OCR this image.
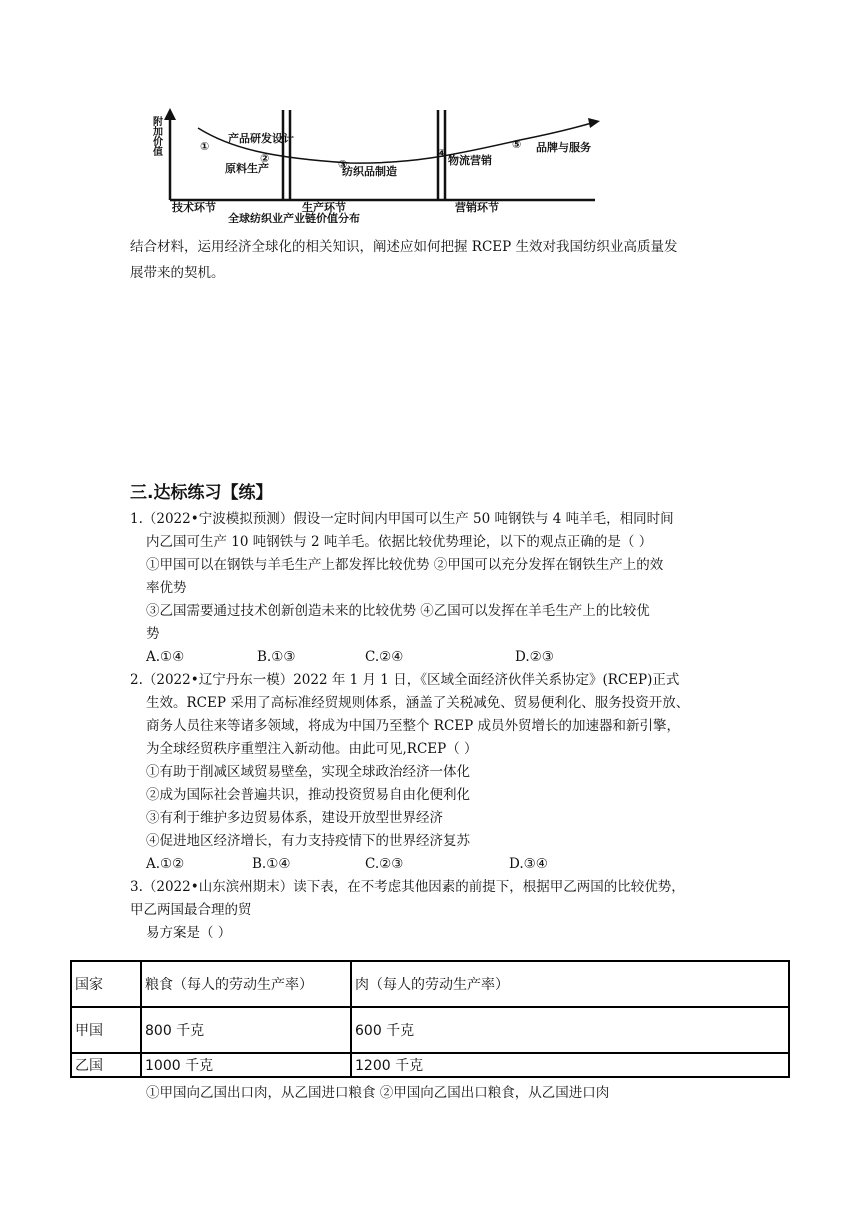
附加价值	①
产品研发设计
②
原料生产	③
纺织品制造
④
物流营销
⑤ 品牌与服务
技术环节	生产环节	营销环节
全球纺织业产业链价值分布
结合材料，运用经济全球化的相关知识，阐述应如何把握 RCEP 生效对我国纺织业高质量发
展带来的契机。
三.达标练习【练】
1.（2022•宁波模拟预测）假设一定时间内甲国可以生产 50 吨钢铁与 4 吨羊毛，相同时间
内乙国可生产 10 吨钢铁与 2 吨羊毛。依据比较优势理论，以下的观点正确的是（ ）
①甲国可以在钢铁与羊毛生产上都发挥比较优势 ②甲国可以充分发挥在钢铁生产上的效
率优势
③乙国需要通过技术创新创造未来的比较优势 ④乙国可以发挥在羊毛生产上的比较优
势
A.①④	B.①③	C.②④	D.②③
2.（2022•辽宁丹东一模）2022 年 1 月 1 日，《区域全面经济伙伴关系协定》(RCEP)正式
生效。RCEP 采用了高标准经贸规则体系，涵盖了关税减免、贸易便利化、服务投资开放、
商务人员往来等诸多领域，将成为中国乃至整个 RCEP 成员外贸增长的加速器和新引擎，
为全球经贸秩序重塑注入新动他。由此可见,RCEP（ ）
①有助于削减区域贸易壁垒，实现全球政治经济一体化
②成为国际社会普遍共识，推动投资贸易自由化便利化
③有利于维护多边贸易体系，建设开放型世界经济
④促进地区经济增长，有力支持疫情下的世界经济复苏
A.①②	B.①④	C.②③	D.③④
3.（2022•山东滨州期末）读下表，在不考虑其他因素的前提下，根据甲乙两国的比较优势，
甲乙两国最合理的贸
易方案是（ ）
国家	粮食（每人的劳动生产率）	肉（每人的劳动生产率）
甲国	800 千克	600 千克
乙国	1000 千克	1200 千克
①甲国向乙国出口肉，从乙国进口粮食 ②甲国向乙国出口粮食，从乙国进口肉
